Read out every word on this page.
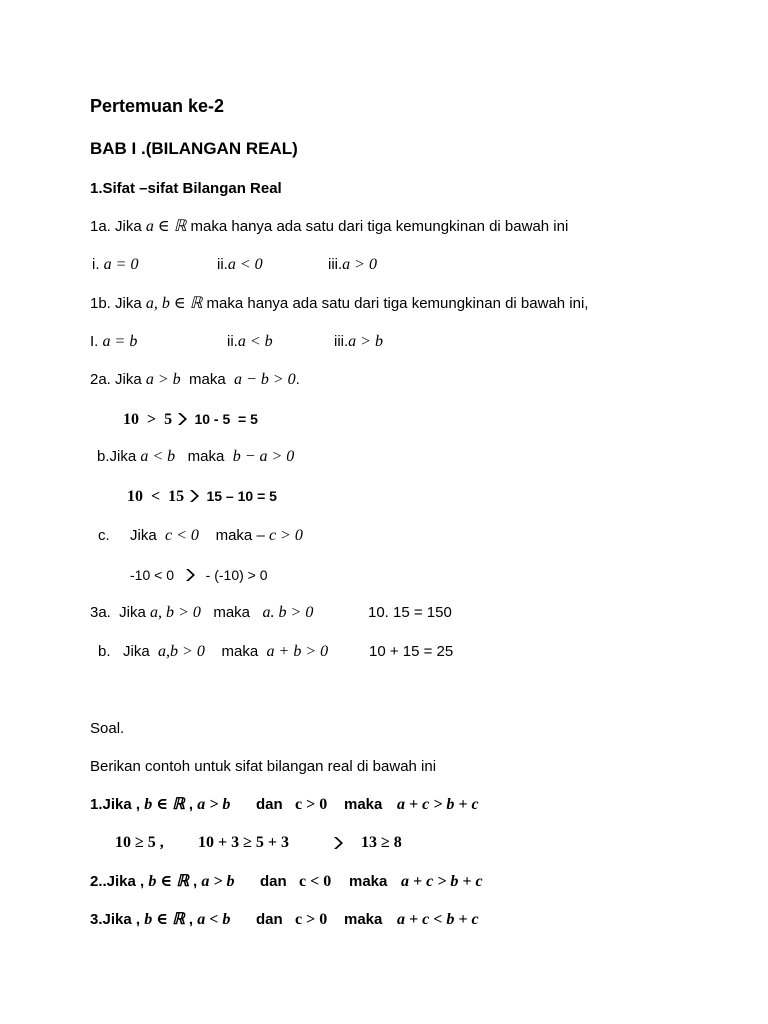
Pertemuan ke-2
BAB I .(BILANGAN REAL)
1.Sifat –sifat Bilangan Real
1a. Jika a ∈ ℝ maka hanya ada satu dari tiga kemungkinan di bawah ini
i. a = 0	ii.a < 0	iii.a > 0
1b. Jika a, b ∈ ℝ maka hanya ada satu dari tiga kemungkinan di bawah ini,
I. a = b	ii.a < b	iii.a > b
2a. Jika a > b  maka  a − b > 0.
10  >  5 10 - 5  = 5
b.Jika a < b   maka  b − a > 0
10  <  15 15 – 10 = 5
c. Jika  c < 0    maka – c > 0
-10 < 0
- (-10) > 0
3a.  Jika a, b > 0   maka   a. b > 0	10. 15 = 150
b.   Jika  a,b > 0    maka  a + b > 0	10 + 15 = 25
Soal.
Berikan contoh untuk sifat bilangan real di bawah ini
1.Jika , b ∈ ℝ , a > b dan c > 0 maka a + c > b + c
10 ≥ 5 , 10 + 3 ≥ 5 + 3	13 ≥ 8
2..Jika , b ∈ ℝ , a > b dan c < 0 maka a + c > b + c
3.Jika , b ∈ ℝ , a < b dan c > 0 maka a + c < b + c
